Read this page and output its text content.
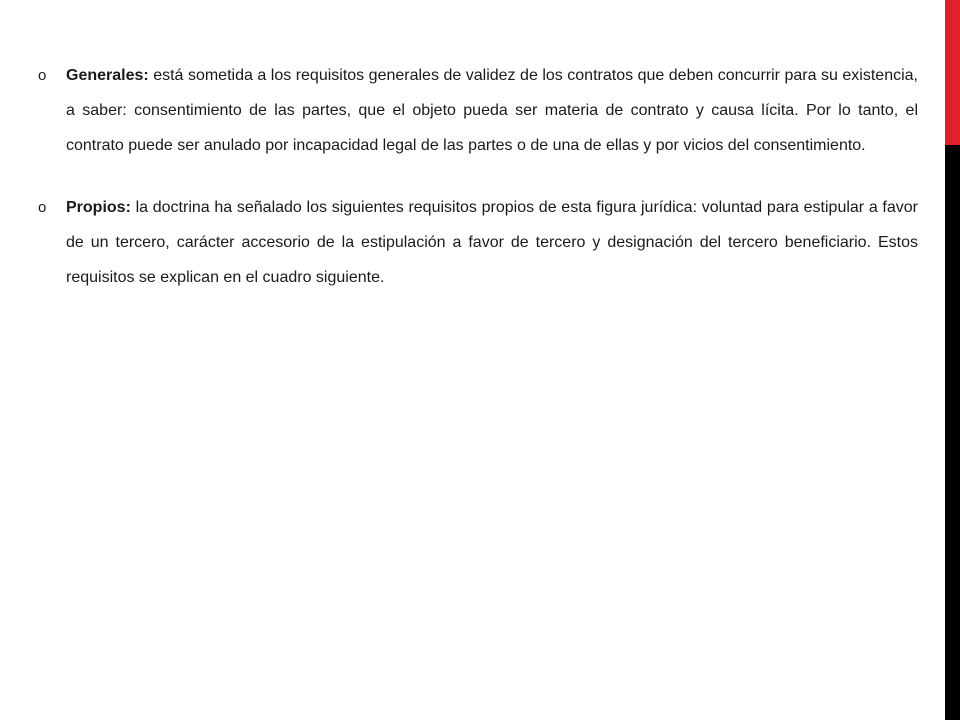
o Generales: está sometida a los requisitos generales de validez de los contratos que deben concurrir para su existencia, a saber: consentimiento de las partes, que el objeto pueda ser materia de contrato y causa lícita. Por lo tanto, el contrato puede ser anulado por incapacidad legal de las partes o de una de ellas y por vicios del consentimiento.
o Propios: la doctrina ha señalado los siguientes requisitos propios de esta figura jurídica: voluntad para estipular a favor de un tercero, carácter accesorio de la estipulación a favor de tercero y designación del tercero beneficiario. Estos requisitos se explican en el cuadro siguiente.
